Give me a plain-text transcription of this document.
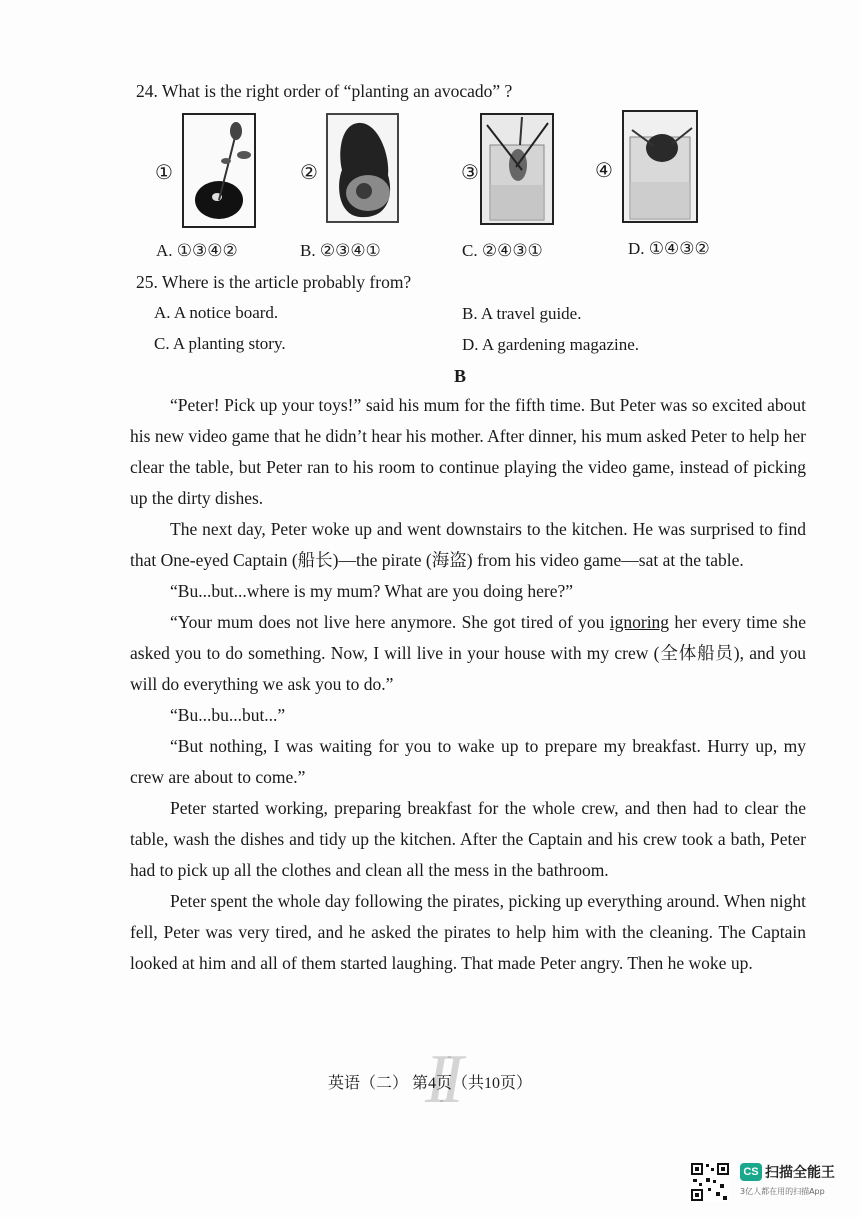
24. What is the right order of “planting an avocado” ?
①	②	③	④
A. ①③④②	B. ②③④①	C. ②④③①	D. ①④③②
25. Where is the article probably from?
A. A notice board.	B. A travel guide.
C. A planting story.	D. A gardening magazine.
B

“Peter! Pick up your toys!” said his mum for the fifth time. But Peter was so excited about his new video game that he didn’t hear his mother. After dinner, his mum asked Peter to help her clear the table, but Peter ran to his room to continue playing the video game, instead of picking up the dirty dishes.

The next day, Peter woke up and went downstairs to the kitchen. He was surprised to find that One-eyed Captain (船长)—the pirate (海盗) from his video game—sat at the table.

“Bu...but...where is my mum? What are you doing here?”

“Your mum does not live here anymore. She got tired of you ignoring her every time she asked you to do something. Now, I will live in your house with my crew (全体船员), and you will do everything we ask you to do.”

“Bu...bu...but...”

“But nothing, I was waiting for you to wake up to prepare my breakfast. Hurry up, my crew are about to come.”

Peter started working, preparing breakfast for the whole crew, and then had to clear the table, wash the dishes and tidy up the kitchen. After the Captain and his crew took a bath, Peter had to pick up all the clothes and clean all the mess in the bathroom.

Peter spent the whole day following the pirates, picking up everything around. When night fell, Peter was very tired, and he asked the pirates to help him with the cleaning. The Captain looked at him and all of them started laughing. That made Peter angry. Then he woke up.

II
英语（二） 第4页（共10页）
CS 扫描全能王
3亿人都在用的扫描App
